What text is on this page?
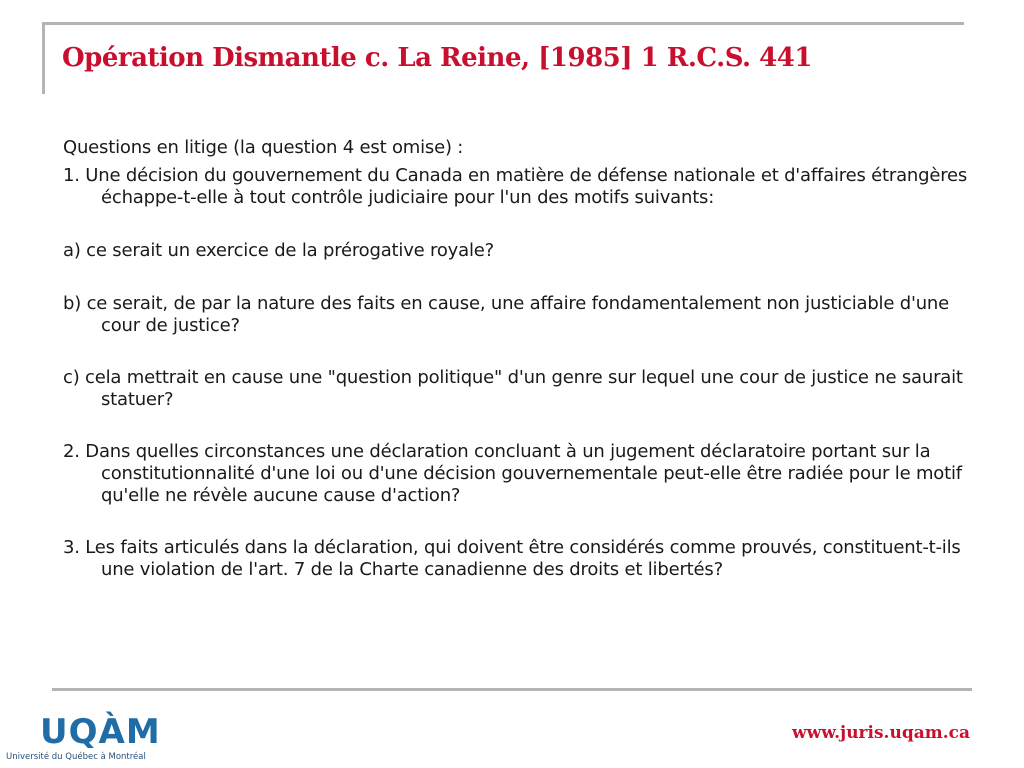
Opération Dismantle c. La Reine, [1985] 1 R.C.S. 441

Questions en litige (la question 4 est omise) :

1. Une décision du gouvernement du Canada en matière de défense nationale et d'affaires étrangères échappe-t-elle à tout contrôle judiciaire pour l'un des motifs suivants:

a) ce serait un exercice de la prérogative royale?

b) ce serait, de par la nature des faits en cause, une affaire fondamentalement non justiciable d'une cour de justice?

c) cela mettrait en cause une "question politique" d'un genre sur lequel une cour de justice ne saurait statuer?

2. Dans quelles circonstances une déclaration concluant à un jugement déclaratoire portant sur la constitutionnalité d'une loi ou d'une décision gouvernementale peut-elle être radiée pour le motif qu'elle ne révèle aucune cause d'action?

3. Les faits articulés dans la déclaration, qui doivent être considérés comme prouvés, constituent-t-ils une violation de l'art. 7 de la Charte canadienne des droits et libertés?

UQÀM
Université du Québec à Montréal
www.juris.uqam.ca
